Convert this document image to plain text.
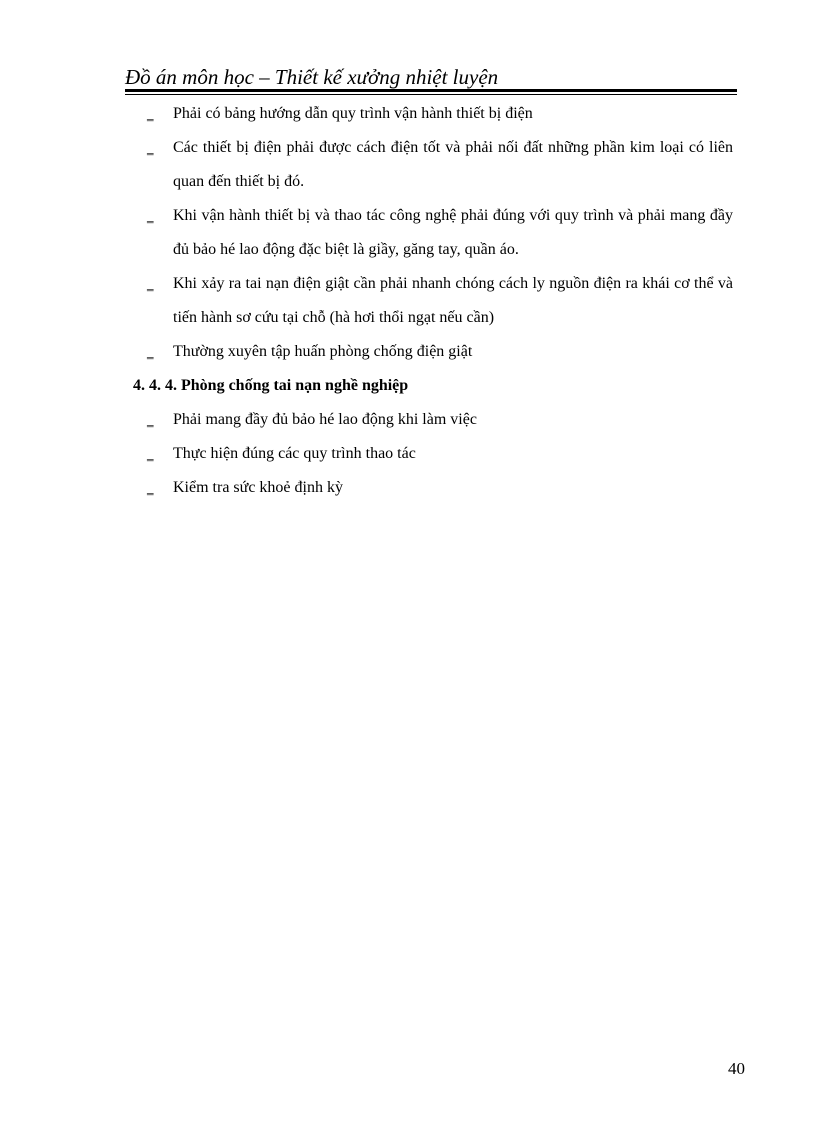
Đồ án môn học – Thiết kế xưởng nhiệt luyện
‗ Phải có bảng hướng dẫn quy trình vận hành thiết bị điện
‗ Các thiết bị điện phải được cách điện tốt và phải nối đất những phần kim loại có liên quan đến thiết bị đó.
‗ Khi vận hành thiết bị và thao tác công nghệ phải đúng với quy trình và phải mang đầy đủ bảo hé lao động đặc biệt là giầy, găng tay, quần áo.
‗ Khi xảy ra tai nạn điện giật cần phải nhanh chóng cách ly nguồn điện ra khái cơ thể và tiến hành sơ cứu tại chỗ (hà hơi thổi ngạt nếu cần)
‗ Thường xuyên tập huấn phòng chống điện giật
4. 4. 4. Phòng chống tai nạn nghề nghiệp
‗ Phải mang đầy đủ bảo hé lao động khi làm việc
‗ Thực hiện đúng các quy trình thao tác
‗ Kiểm tra sức khoẻ định kỳ
40
